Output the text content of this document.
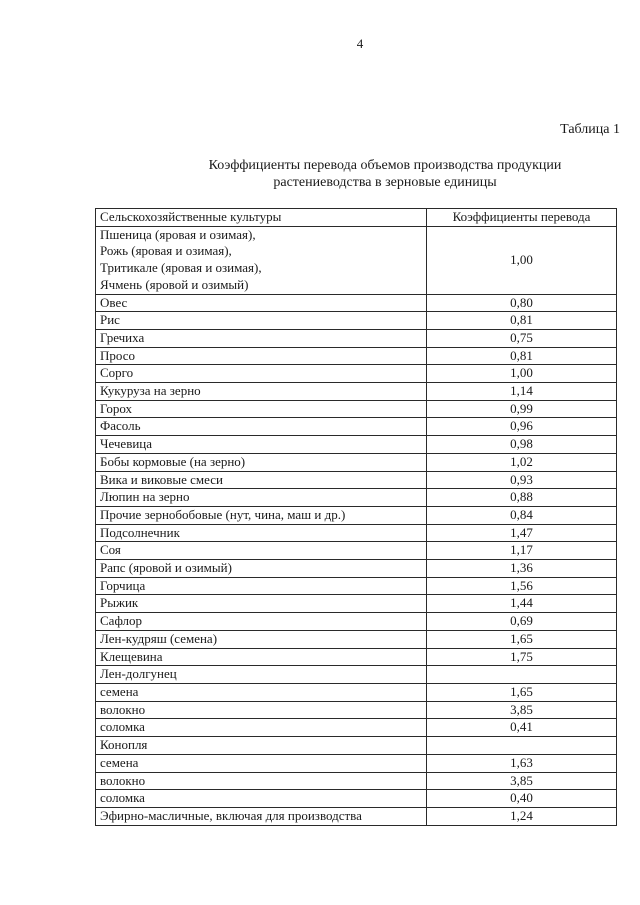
4
Таблица 1
Коэффициенты перевода объемов производства продукции
растениеводства в зерновые единицы
Сельскохозяйственные культуры	Коэффициенты перевода

Пшеница (яровая и озимая),
Рожь (яровая и озимая),
Тритикале (яровая и озимая),
Ячмень (яровой и озимый)	1,00
Овес	0,80
Рис	0,81
Гречиха	0,75
Просо	0,81
Сорго	1,00
Кукуруза на зерно	1,14
Горох	0,99
Фасоль	0,96
Чечевица	0,98
Бобы кормовые (на зерно)	1,02
Вика и виковые смеси	0,93
Люпин на зерно	0,88
Прочие зернобобовые (нут, чина, маш и др.)	0,84
Подсолнечник	1,47
Соя	1,17
Рапс (яровой и озимый)	1,36
Горчица	1,56
Рыжик	1,44
Сафлор	0,69
Лен-кудряш (семена)	1,65
Клещевина	1,75
Лен-долгунец	
семена	1,65
волокно	3,85
соломка	0,41
Конопля	
семена	1,63
волокно	3,85
соломка	0,40
Эфирно-масличные, включая для производства	1,24
